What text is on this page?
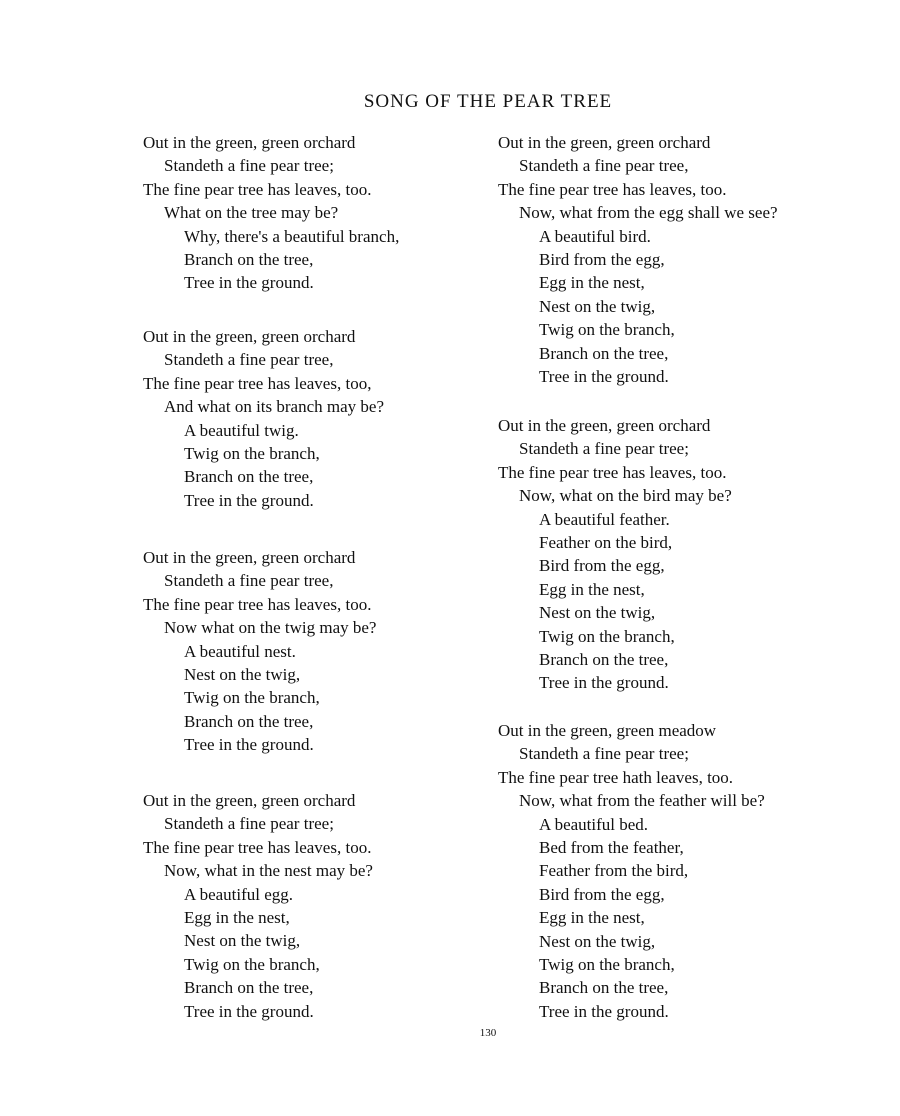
SONG OF THE PEAR TREE
Out in the green, green orchard
Standeth a fine pear tree;
The fine pear tree has leaves, too.
What on the tree may be?
Why, there's a beautiful branch,
Branch on the tree,
Tree in the ground.
Out in the green, green orchard
Standeth a fine pear tree,
The fine pear tree has leaves, too,
And what on its branch may be?
A beautiful twig.
Twig on the branch,
Branch on the tree,
Tree in the ground.
Out in the green, green orchard
Standeth a fine pear tree,
The fine pear tree has leaves, too.
Now what on the twig may be?
A beautiful nest.
Nest on the twig,
Twig on the branch,
Branch on the tree,
Tree in the ground.
Out in the green, green orchard
Standeth a fine pear tree;
The fine pear tree has leaves, too.
Now, what in the nest may be?
A beautiful egg.
Egg in the nest,
Nest on the twig,
Twig on the branch,
Branch on the tree,
Tree in the ground.
Out in the green, green orchard
Standeth a fine pear tree,
The fine pear tree has leaves, too.
Now, what from the egg shall we see?
A beautiful bird.
Bird from the egg,
Egg in the nest,
Nest on the twig,
Twig on the branch,
Branch on the tree,
Tree in the ground.
Out in the green, green orchard
Standeth a fine pear tree;
The fine pear tree has leaves, too.
Now, what on the bird may be?
A beautiful feather.
Feather on the bird,
Bird from the egg,
Egg in the nest,
Nest on the twig,
Twig on the branch,
Branch on the tree,
Tree in the ground.
Out in the green, green meadow
Standeth a fine pear tree;
The fine pear tree hath leaves, too.
Now, what from the feather will be?
A beautiful bed.
Bed from the feather,
Feather from the bird,
Bird from the egg,
Egg in the nest,
Nest on the twig,
Twig on the branch,
Branch on the tree,
Tree in the ground.
130
